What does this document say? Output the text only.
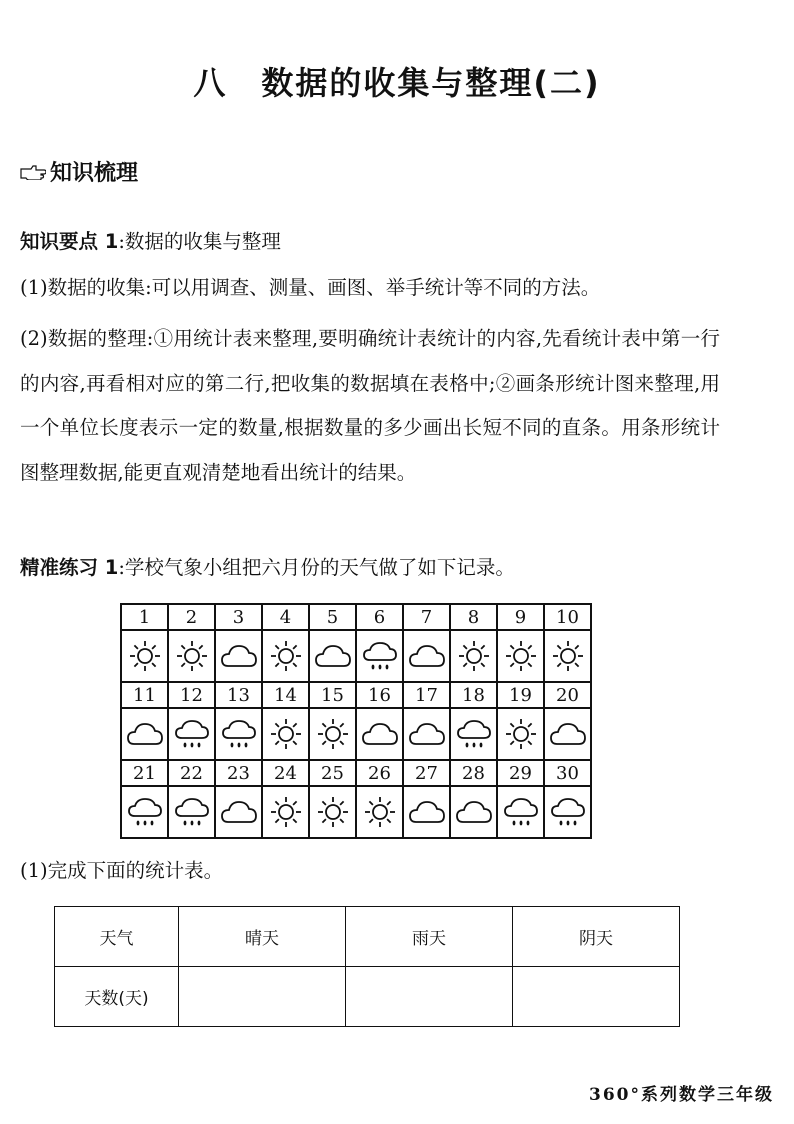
八 数据的收集与整理(二)
知识梳理
知识要点 1:数据的收集与整理
(1)数据的收集:可以用调查、测量、画图、举手统计等不同的方法。
(2)数据的整理:①用统计表来整理,要明确统计表统计的内容,先看统计表中第一行的内容,再看相对应的第二行,把收集的数据填在表格中;②画条形统计图来整理,用一个单位长度表示一定的数量,根据数量的多少画出长短不同的直条。用条形统计图整理数据,能更直观清楚地看出统计的结果。
精准练习 1:学校气象小组把六月份的天气做了如下记录。
1	2	3	4	5	6	7	8	9	10

11	12	13	14	15	16	17	18	19	20

21	22	23	24	25	26	27	28	29	30

(1)完成下面的统计表。
天气	晴天	雨天	阴天
天数(天)			
360°系列数学三年级
